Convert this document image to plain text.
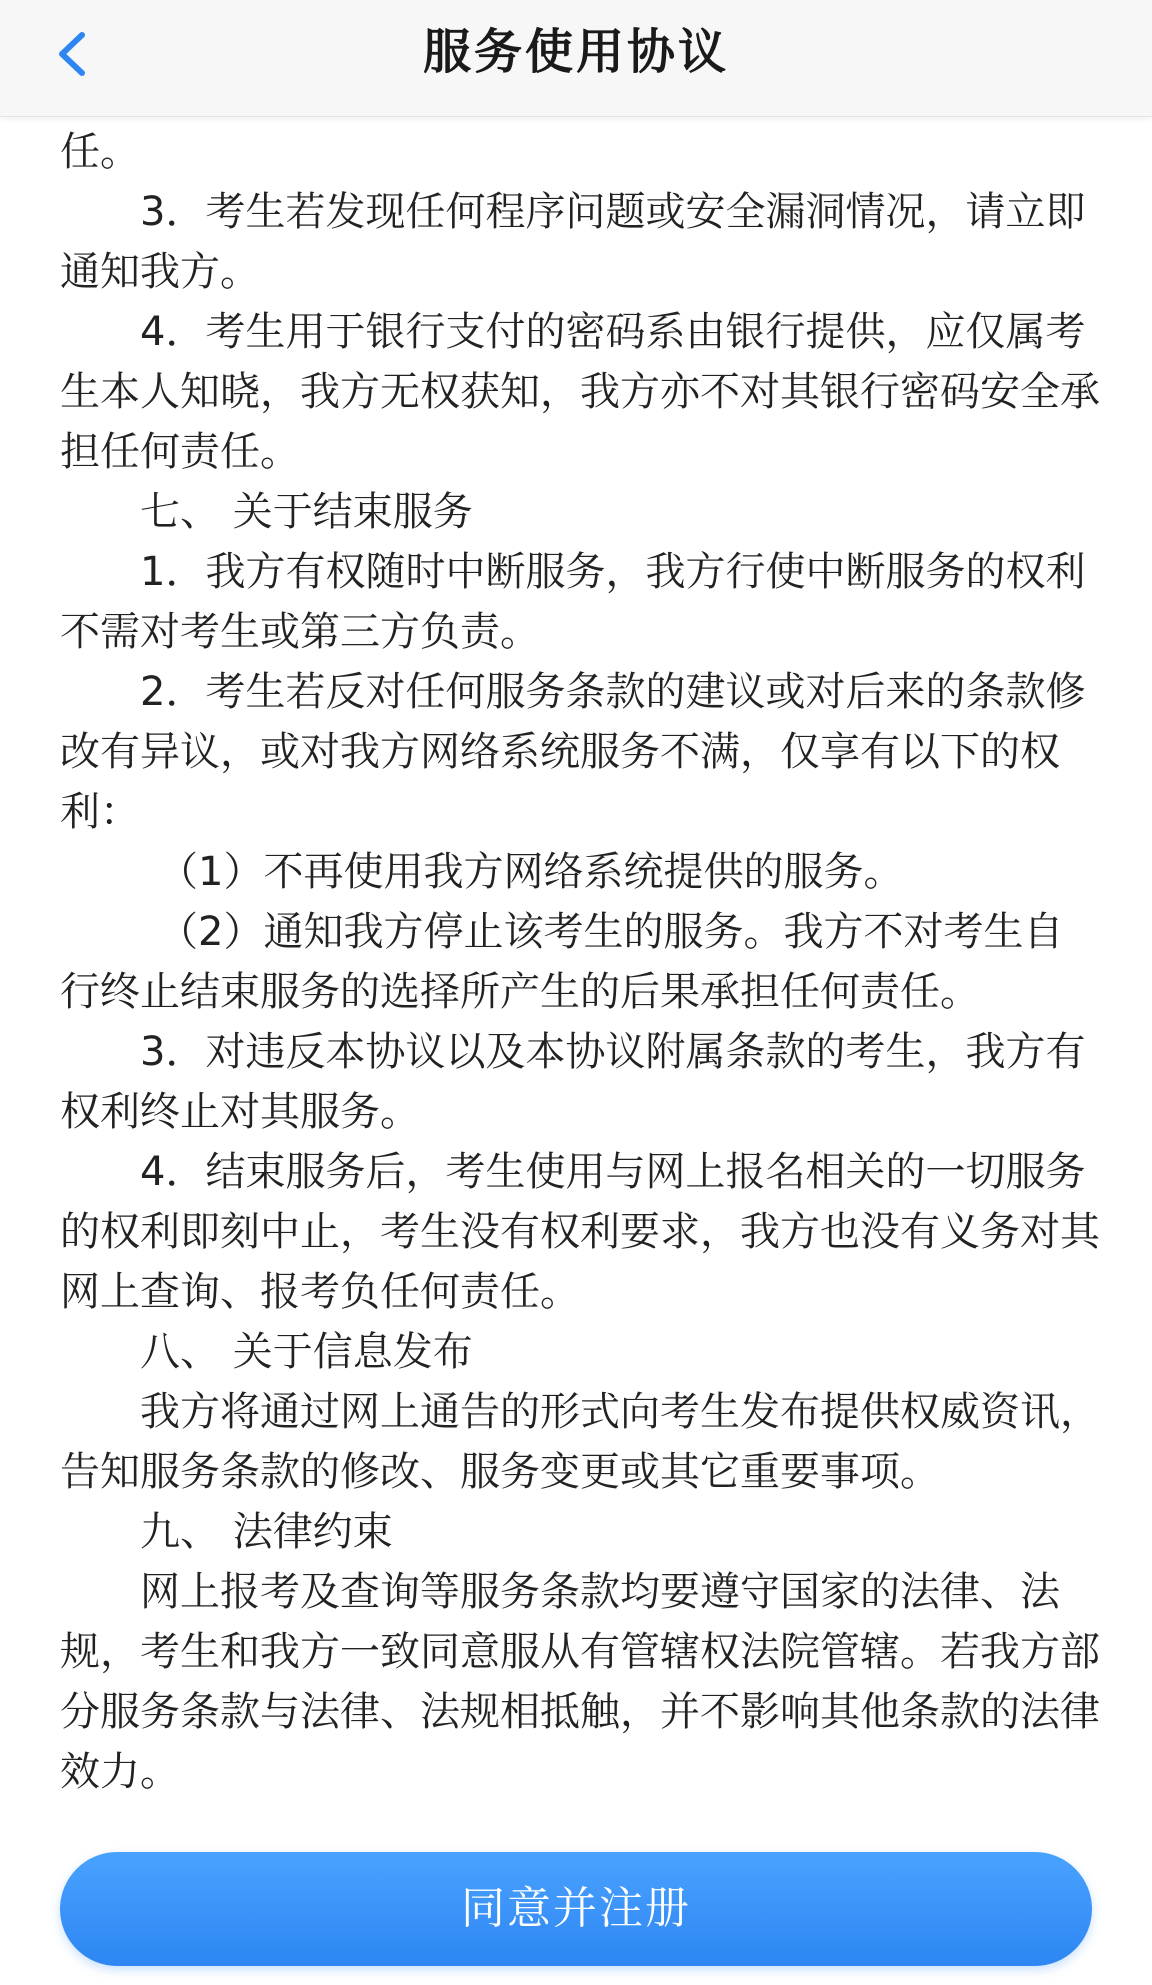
服务使用协议

任。

3．考生若发现任何程序问题或安全漏洞情况，请立即通知我方。

4．考生用于银行支付的密码系由银行提供，应仅属考生本人知晓，我方无权获知，我方亦不对其银行密码安全承担任何责任。

七、 关于结束服务

1．我方有权随时中断服务，我方行使中断服务的权利不需对考生或第三方负责。

2．考生若反对任何服务条款的建议或对后来的条款修改有异议，或对我方网络系统服务不满，仅享有以下的权利：

（1）不再使用我方网络系统提供的服务。

（2）通知我方停止该考生的服务。我方不对考生自行终止结束服务的选择所产生的后果承担任何责任。

3．对违反本协议以及本协议附属条款的考生，我方有权利终止对其服务。

4．结束服务后，考生使用与网上报名相关的一切服务的权利即刻中止，考生没有权利要求，我方也没有义务对其网上查询、报考负任何责任。

八、 关于信息发布

我方将通过网上通告的形式向考生发布提供权威资讯，告知服务条款的修改、服务变更或其它重要事项。

九、 法律约束

网上报考及查询等服务条款均要遵守国家的法律、法规，考生和我方一致同意服从有管辖权法院管辖。若我方部分服务条款与法律、法规相抵触，并不影响其他条款的法律效力。

同意并注册
